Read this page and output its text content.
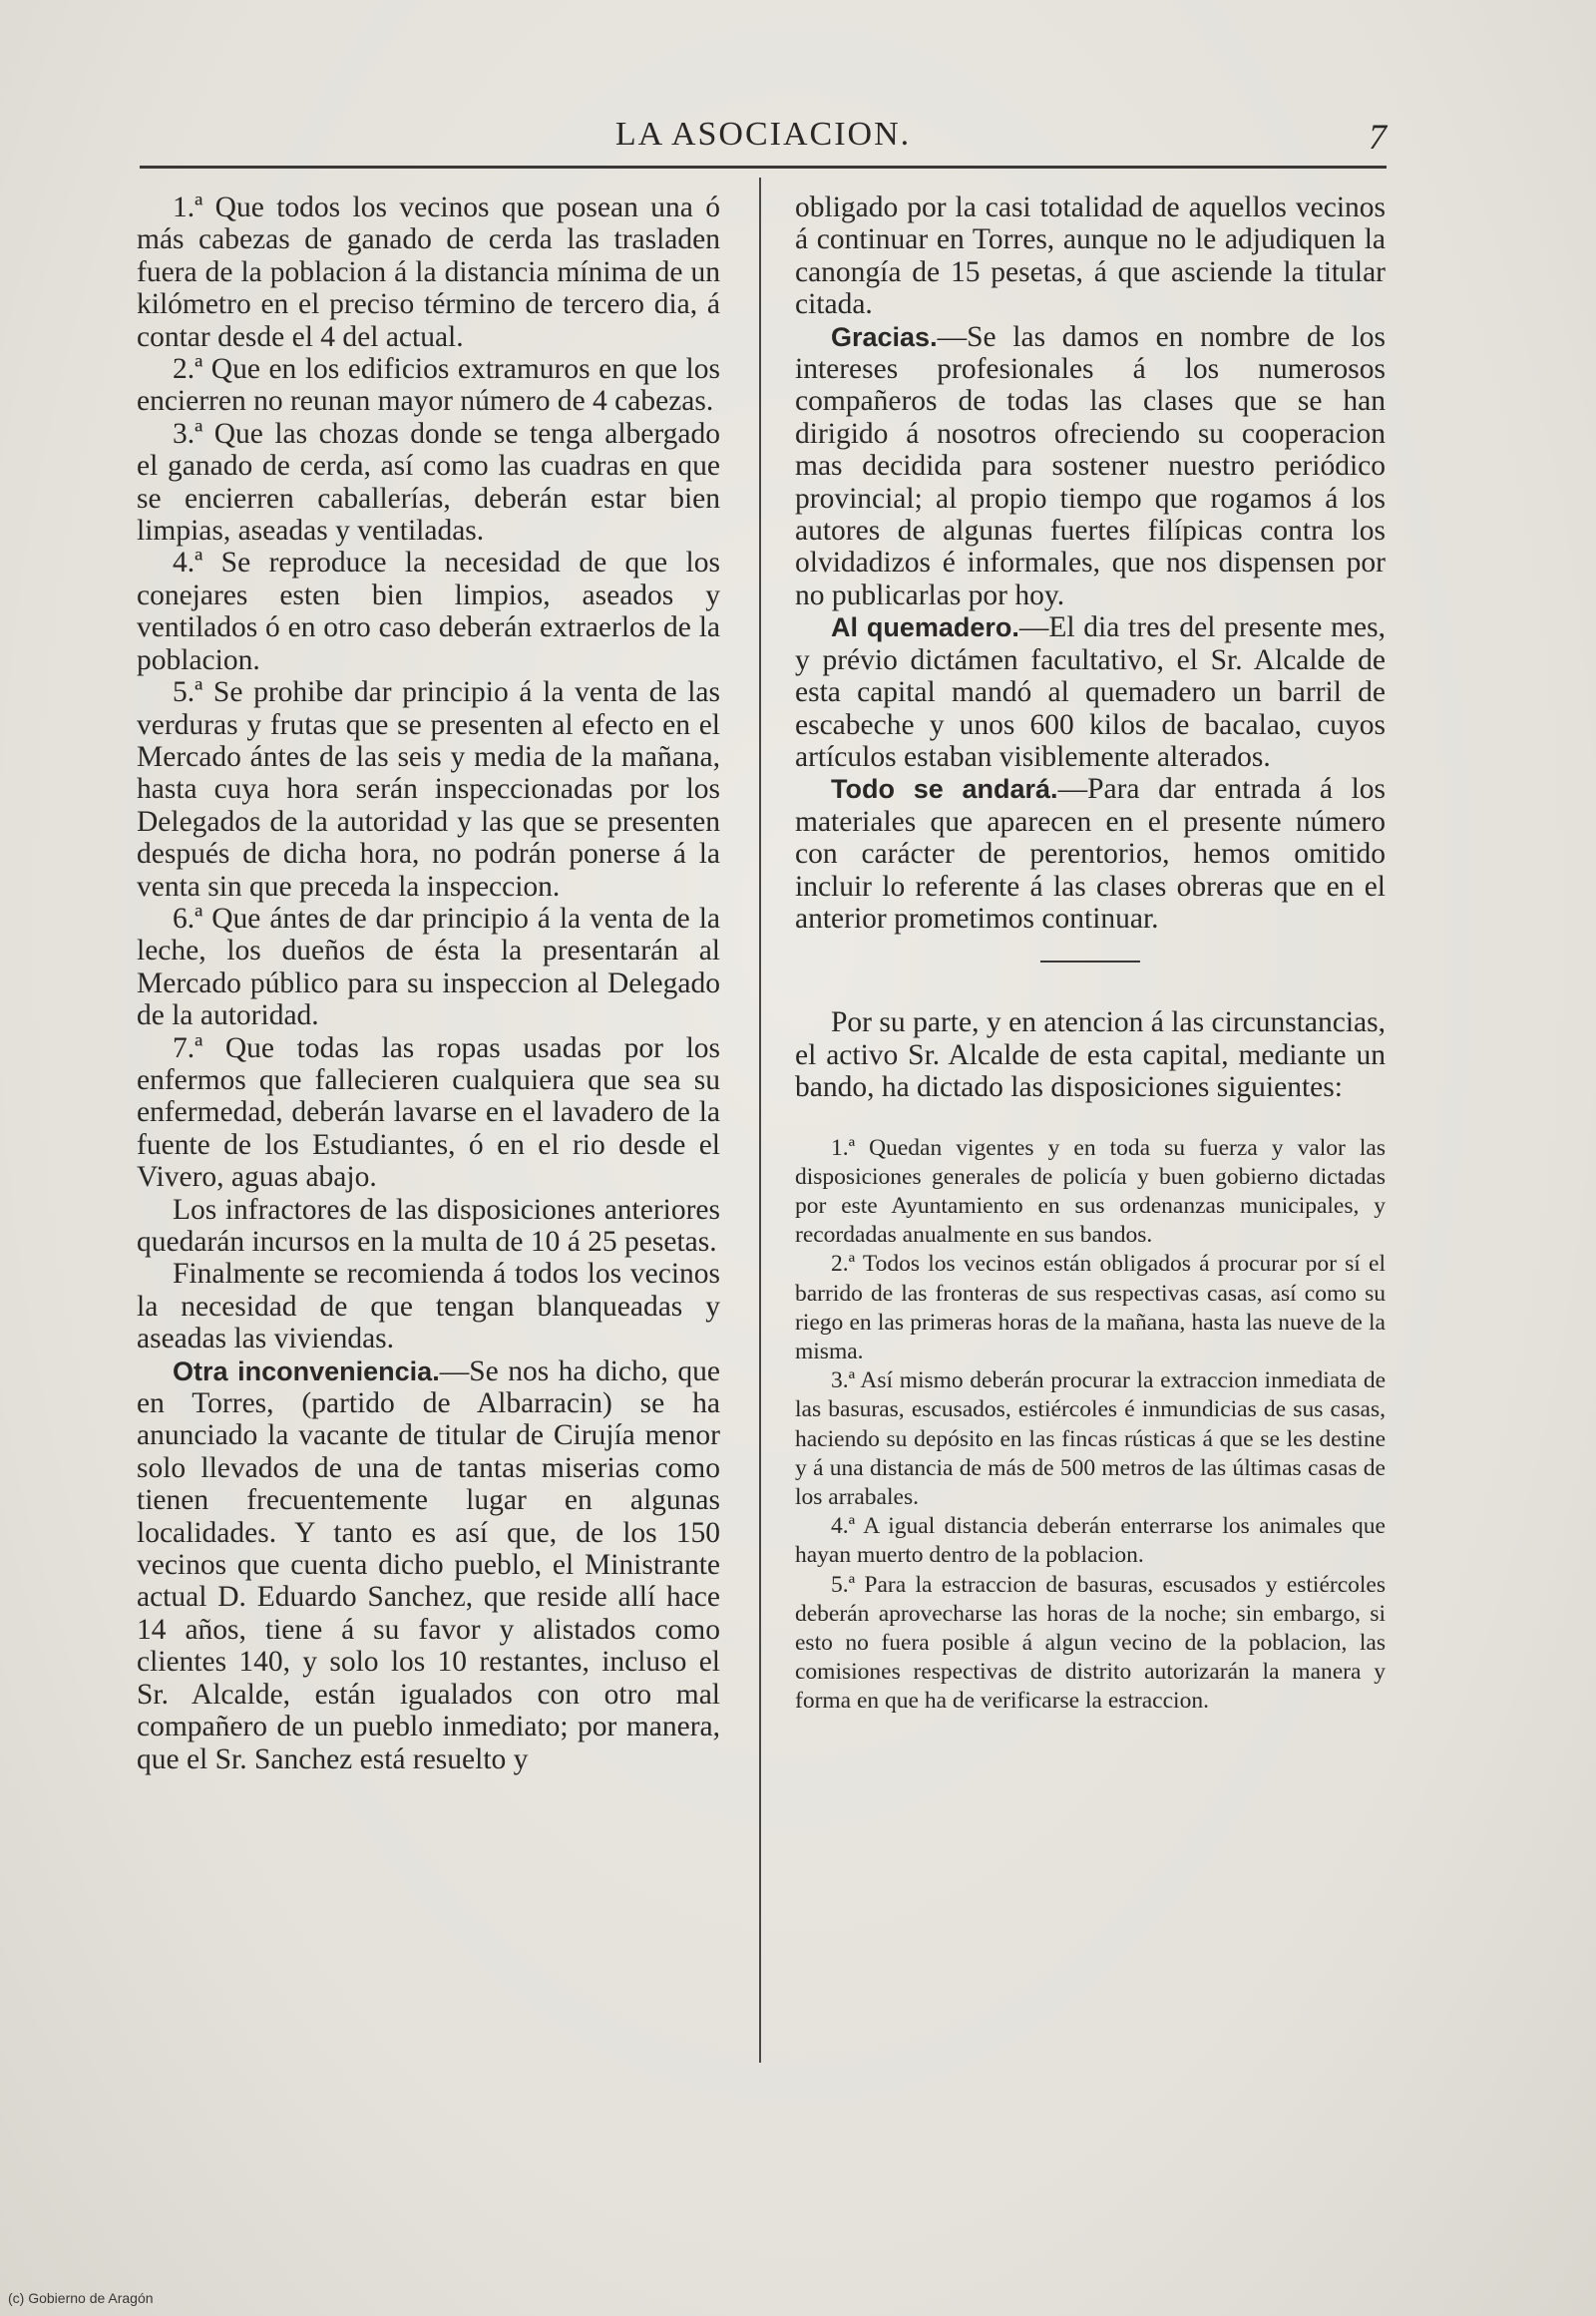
LA ASOCIACION.	7

1.ª Que todos los vecinos que posean una ó más cabezas de ganado de cerda las trasladen fuera de la poblacion á la distancia mínima de un kilómetro en el preciso término de tercero dia, á contar desde el 4 del actual.

2.ª Que en los edificios extramuros en que los encierren no reunan mayor número de 4 cabezas.

3.ª Que las chozas donde se tenga albergado el ganado de cerda, así como las cuadras en que se encierren caballerías, deberán estar bien limpias, aseadas y ventiladas.

4.ª Se reproduce la necesidad de que los conejares esten bien limpios, aseados y ventilados ó en otro caso deberán extraerlos de la poblacion.

5.ª Se prohibe dar principio á la venta de las verduras y frutas que se presenten al efecto en el Mercado ántes de las seis y media de la mañana, hasta cuya hora serán inspeccionadas por los Delegados de la autoridad y las que se presenten después de dicha hora, no podrán ponerse á la venta sin que preceda la inspeccion.

6.ª Que ántes de dar principio á la venta de la leche, los dueños de ésta la presentarán al Mercado público para su inspeccion al Delegado de la autoridad.

7.ª Que todas las ropas usadas por los enfermos que fallecieren cualquiera que sea su enfermedad, deberán lavarse en el lavadero de la fuente de los Estudiantes, ó en el rio desde el Vivero, aguas abajo.

Los infractores de las disposiciones anteriores quedarán incursos en la multa de 10 á 25 pesetas.

Finalmente se recomienda á todos los vecinos la necesidad de que tengan blanqueadas y aseadas las viviendas.

Otra inconveniencia.—Se nos ha dicho, que en Torres, (partido de Albarracin) se ha anunciado la vacante de titular de Cirujía menor solo llevados de una de tantas miserias como tienen frecuentemente lugar en algunas localidades. Y tanto es así que, de los 150 vecinos que cuenta dicho pueblo, el Ministrante actual D. Eduardo Sanchez, que reside allí hace 14 años, tiene á su favor y alistados como clientes 140, y solo los 10 restantes, incluso el Sr. Alcalde, están igualados con otro mal compañero de un pueblo inmediato; por manera, que el Sr. Sanchez está resuelto y

obligado por la casi totalidad de aquellos vecinos á continuar en Torres, aunque no le adjudiquen la canongía de 15 pesetas, á que asciende la titular citada.

Gracias.—Se las damos en nombre de los intereses profesionales á los numerosos compañeros de todas las clases que se han dirigido á nosotros ofreciendo su cooperacion mas decidida para sostener nuestro periódico provincial; al propio tiempo que rogamos á los autores de algunas fuertes filípicas contra los olvidadizos é informales, que nos dispensen por no publicarlas por hoy.

Al quemadero.—El dia tres del presente mes, y prévio dictámen facultativo, el Sr. Alcalde de esta capital mandó al quemadero un barril de escabeche y unos 600 kilos de bacalao, cuyos artículos estaban visiblemente alterados.

Todo se andará.—Para dar entrada á los materiales que aparecen en el presente número con carácter de perentorios, hemos omitido incluir lo referente á las clases obreras que en el anterior prometimos continuar.

Por su parte, y en atencion á las circunstancias, el activo Sr. Alcalde de esta capital, mediante un bando, ha dictado las disposiciones siguientes:

1.ª Quedan vigentes y en toda su fuerza y valor las disposiciones generales de policía y buen gobierno dictadas por este Ayuntamiento en sus ordenanzas municipales, y recordadas anualmente en sus bandos.

2.ª Todos los vecinos están obligados á procurar por sí el barrido de las fronteras de sus respectivas casas, así como su riego en las primeras horas de la mañana, hasta las nueve de la misma.

3.ª Así mismo deberán procurar la extraccion inmediata de las basuras, escusados, estiércoles é inmundicias de sus casas, haciendo su depósito en las fincas rústicas á que se les destine y á una distancia de más de 500 metros de las últimas casas de los arrabales.

4.ª A igual distancia deberán enterrarse los animales que hayan muerto dentro de la poblacion.

5.ª Para la estraccion de basuras, escusados y estiércoles deberán aprovecharse las horas de la noche; sin embargo, si esto no fuera posible á algun vecino de la poblacion, las comisiones respectivas de distrito autorizarán la manera y forma en que ha de verificarse la estraccion.

(c) Gobierno de Aragón
